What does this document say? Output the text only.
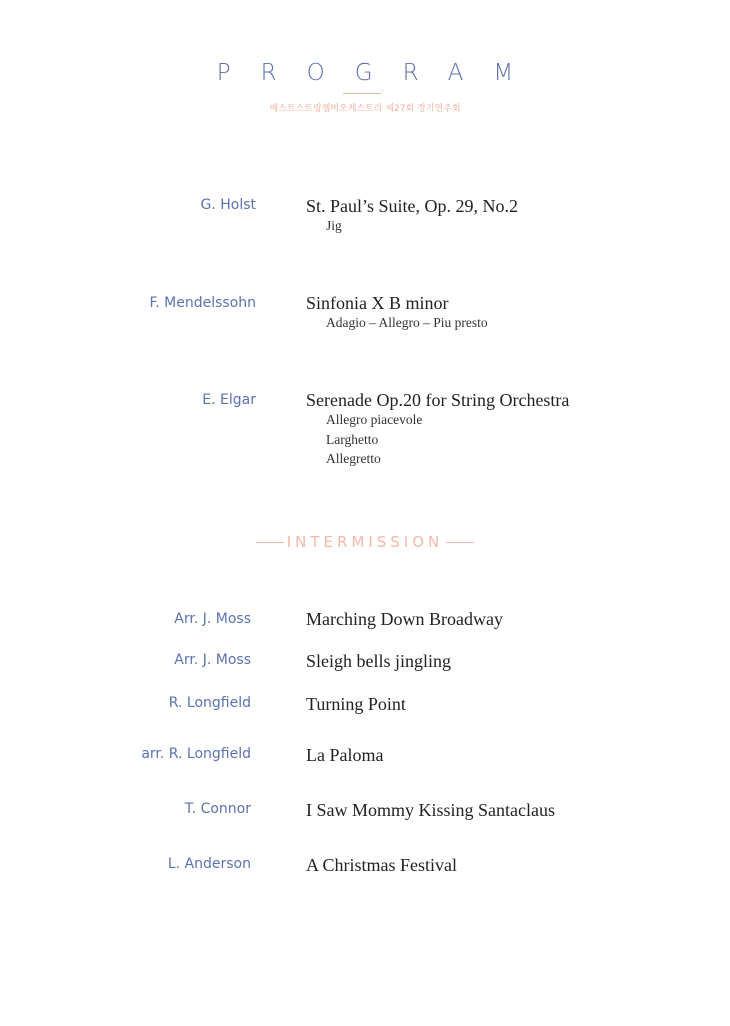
PROGRAM
베스트스트링챔버오케스트라 제27회 정기연주회
G. Holst	St. Paul’s Suite, Op. 29, No.2
Jig
F. Mendelssohn	Sinfonia X B minor
Adagio – Allegro – Piu presto
E. Elgar	Serenade Op.20 for String Orchestra
Allegro piacevole
Larghetto
Allegretto
INTERMISSION
Arr. J. Moss	Marching Down Broadway
Arr. J. Moss	Sleigh bells jingling
R. Longfield	Turning Point
arr. R. Longfield	La Paloma
T. Connor	I Saw Mommy Kissing Santaclaus
L. Anderson	A Christmas Festival
